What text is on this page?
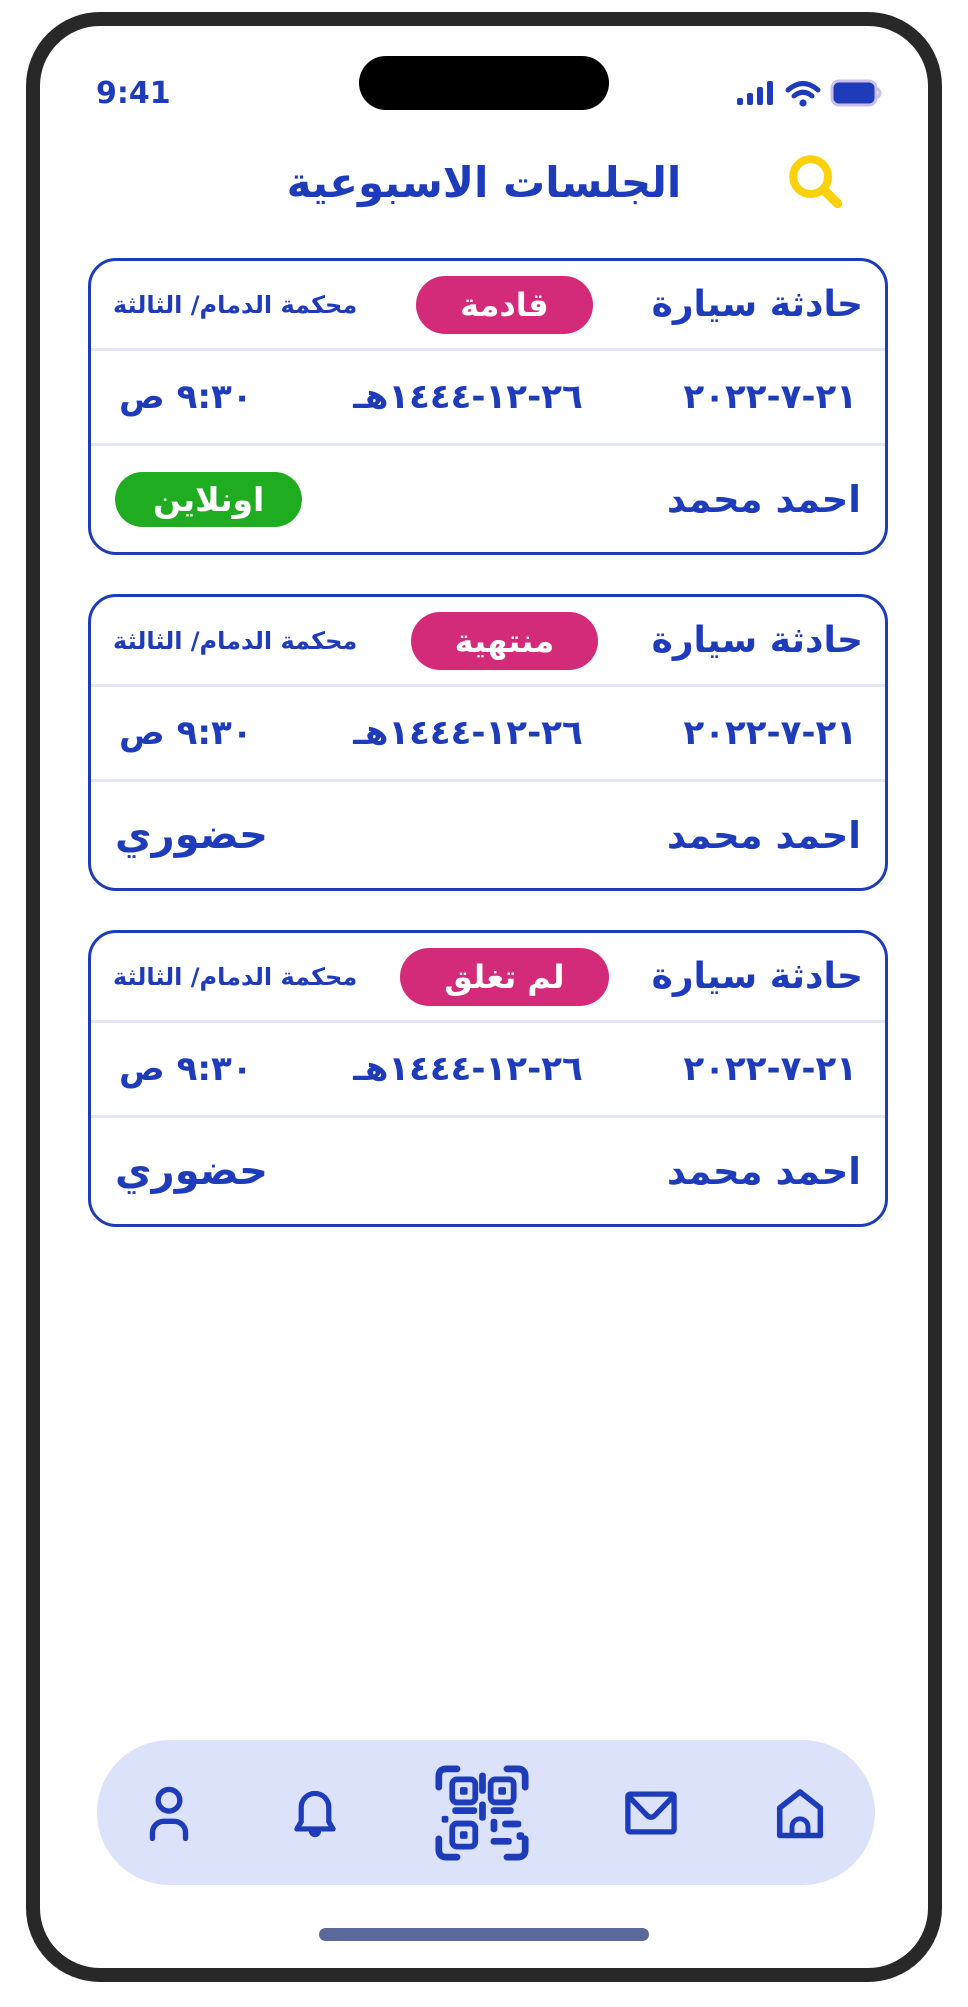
9:41
الجلسات الاسبوعية
حادثة سيارة
قادمة
محكمة الدمام/ الثالثة
٢١-٧-٢٠٢٢
٢٦-١٢-١٤٤٤هـ
٩:٣٠ ص
احمد محمد
اونلاين
حادثة سيارة
منتهية
محكمة الدمام/ الثالثة
٢١-٧-٢٠٢٢
٢٦-١٢-١٤٤٤هـ
٩:٣٠ ص
احمد محمد
حضوري
حادثة سيارة
لم تغلق
محكمة الدمام/ الثالثة
٢١-٧-٢٠٢٢
٢٦-١٢-١٤٤٤هـ
٩:٣٠ ص
احمد محمد
حضوري
